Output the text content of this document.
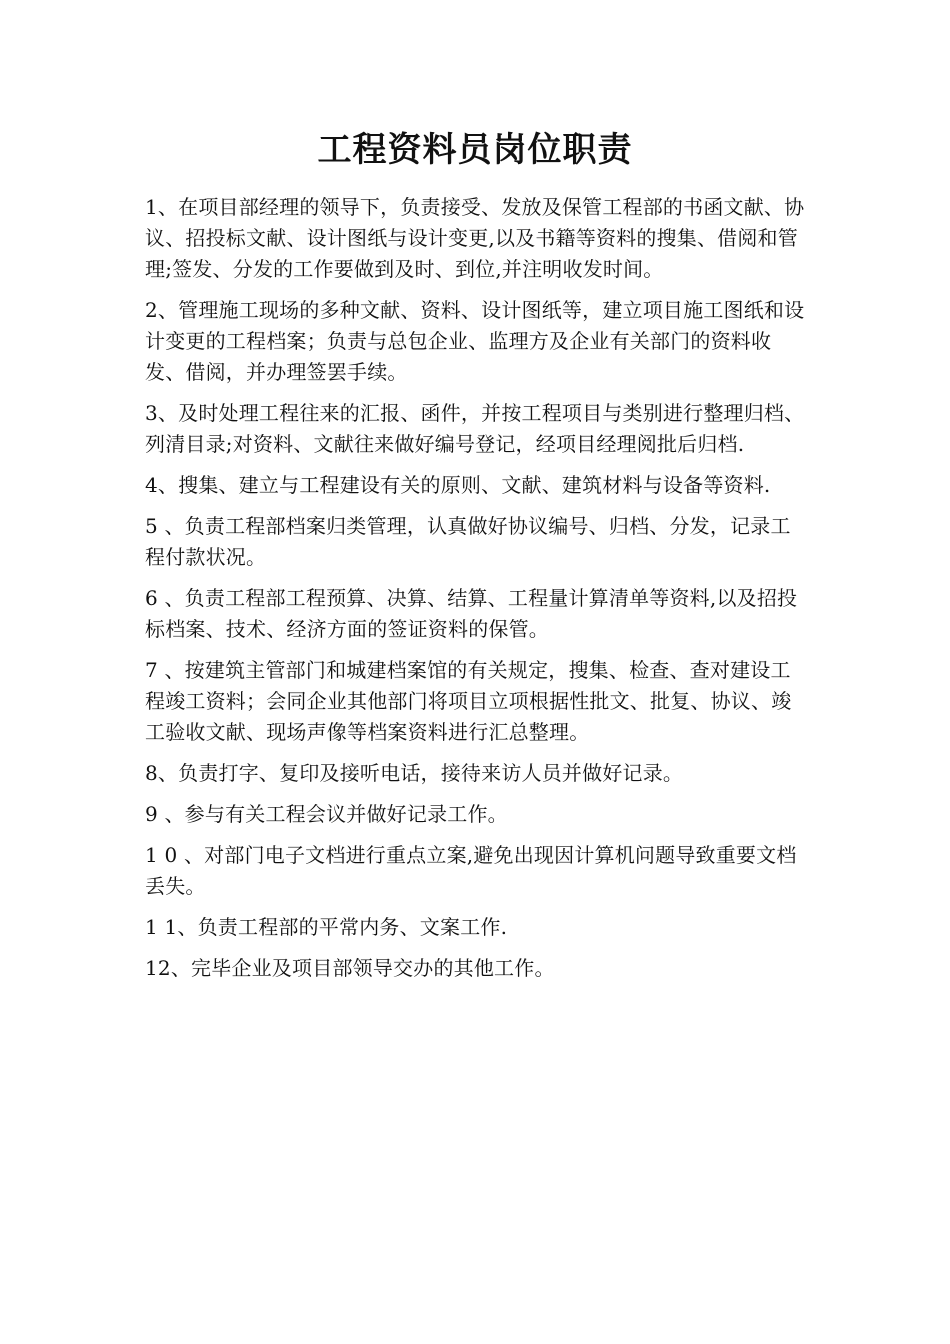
工程资料员岗位职责

1、在项目部经理的领导下，负责接受、发放及保管工程部的书函文献、协议、招投标文献、设计图纸与设计变更,以及书籍等资料的搜集、借阅和管理;签发、分发的工作要做到及时、到位,并注明收发时间。

2、管理施工现场的多种文献、资料、设计图纸等，建立项目施工图纸和设计变更的工程档案；负责与总包企业、监理方及企业有关部门的资料收发、借阅，并办理签罢手续。

3、及时处理工程往来的汇报、函件，并按工程项目与类别进行整理归档、列清目录;对资料、文献往来做好编号登记，经项目经理阅批后归档.

4、搜集、建立与工程建设有关的原则、文献、建筑材料与设备等资料.

5 、负责工程部档案归类管理，认真做好协议编号、归档、分发，记录工程付款状况。

6 、负责工程部工程预算、决算、结算、工程量计算清单等资料,以及招投标档案、技术、经济方面的签证资料的保管。

7 、按建筑主管部门和城建档案馆的有关规定，搜集、检查、查对建设工程竣工资料；会同企业其他部门将项目立项根据性批文、批复、协议、竣工验收文献、现场声像等档案资料进行汇总整理。

8、负责打字、复印及接听电话，接待来访人员并做好记录。

9 、参与有关工程会议并做好记录工作。

1 0 、对部门电子文档进行重点立案,避免出现因计算机问题导致重要文档丢失。

1 1、负责工程部的平常内务、文案工作.

12、完毕企业及项目部领导交办的其他工作。
